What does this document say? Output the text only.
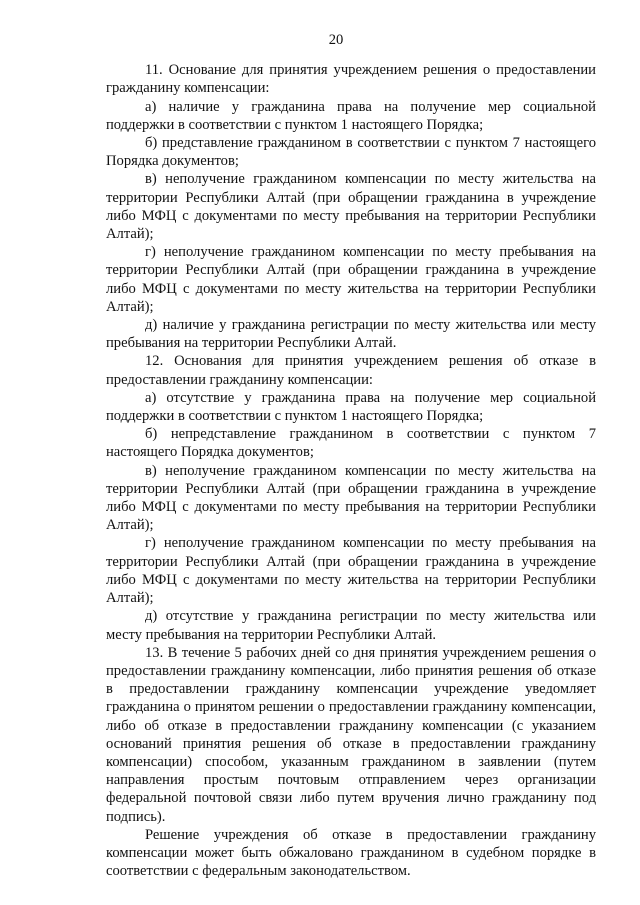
20

11. Основание для принятия учреждением решения о предоставлении гражданину компенсации:

а) наличие у гражданина права на получение мер социальной поддержки в соответствии с пунктом 1 настоящего Порядка;

б) представление гражданином в соответствии с пунктом 7 настоящего Порядка документов;

в) неполучение гражданином компенсации по месту жительства на территории Республики Алтай (при обращении гражданина в учреждение либо МФЦ с документами по месту пребывания на территории Республики Алтай);

г) неполучение гражданином компенсации по месту пребывания на территории Республики Алтай (при обращении гражданина в учреждение либо МФЦ с документами по месту жительства на территории Республики Алтай);

д) наличие у гражданина регистрации по месту жительства или месту пребывания на территории Республики Алтай.

12. Основания для принятия учреждением решения об отказе в предоставлении гражданину компенсации:

а) отсутствие у гражданина права на получение мер социальной поддержки в соответствии с пунктом 1 настоящего Порядка;

б) непредставление гражданином в соответствии с пунктом 7 настоящего Порядка документов;

в) неполучение гражданином компенсации по месту жительства на территории Республики Алтай (при обращении гражданина в учреждение либо МФЦ с документами по месту пребывания на территории Республики Алтай);

г) неполучение гражданином компенсации по месту пребывания на территории Республики Алтай (при обращении гражданина в учреждение либо МФЦ с документами по месту жительства на территории Республики Алтай);

д) отсутствие у гражданина регистрации по месту жительства или месту пребывания на территории Республики Алтай.

13. В течение 5 рабочих дней со дня принятия учреждением решения о предоставлении гражданину компенсации, либо принятия решения об отказе в предоставлении гражданину компенсации учреждение уведомляет гражданина о принятом решении о предоставлении гражданину компенсации, либо об отказе в предоставлении гражданину компенсации (с указанием оснований принятия решения об отказе в предоставлении гражданину компенсации) способом, указанным гражданином в заявлении (путем направления простым почтовым отправлением через организации федеральной почтовой связи либо путем вручения лично гражданину под подпись).

Решение учреждения об отказе в предоставлении гражданину компенсации может быть обжаловано гражданином в судебном порядке в соответствии с федеральным законодательством.
